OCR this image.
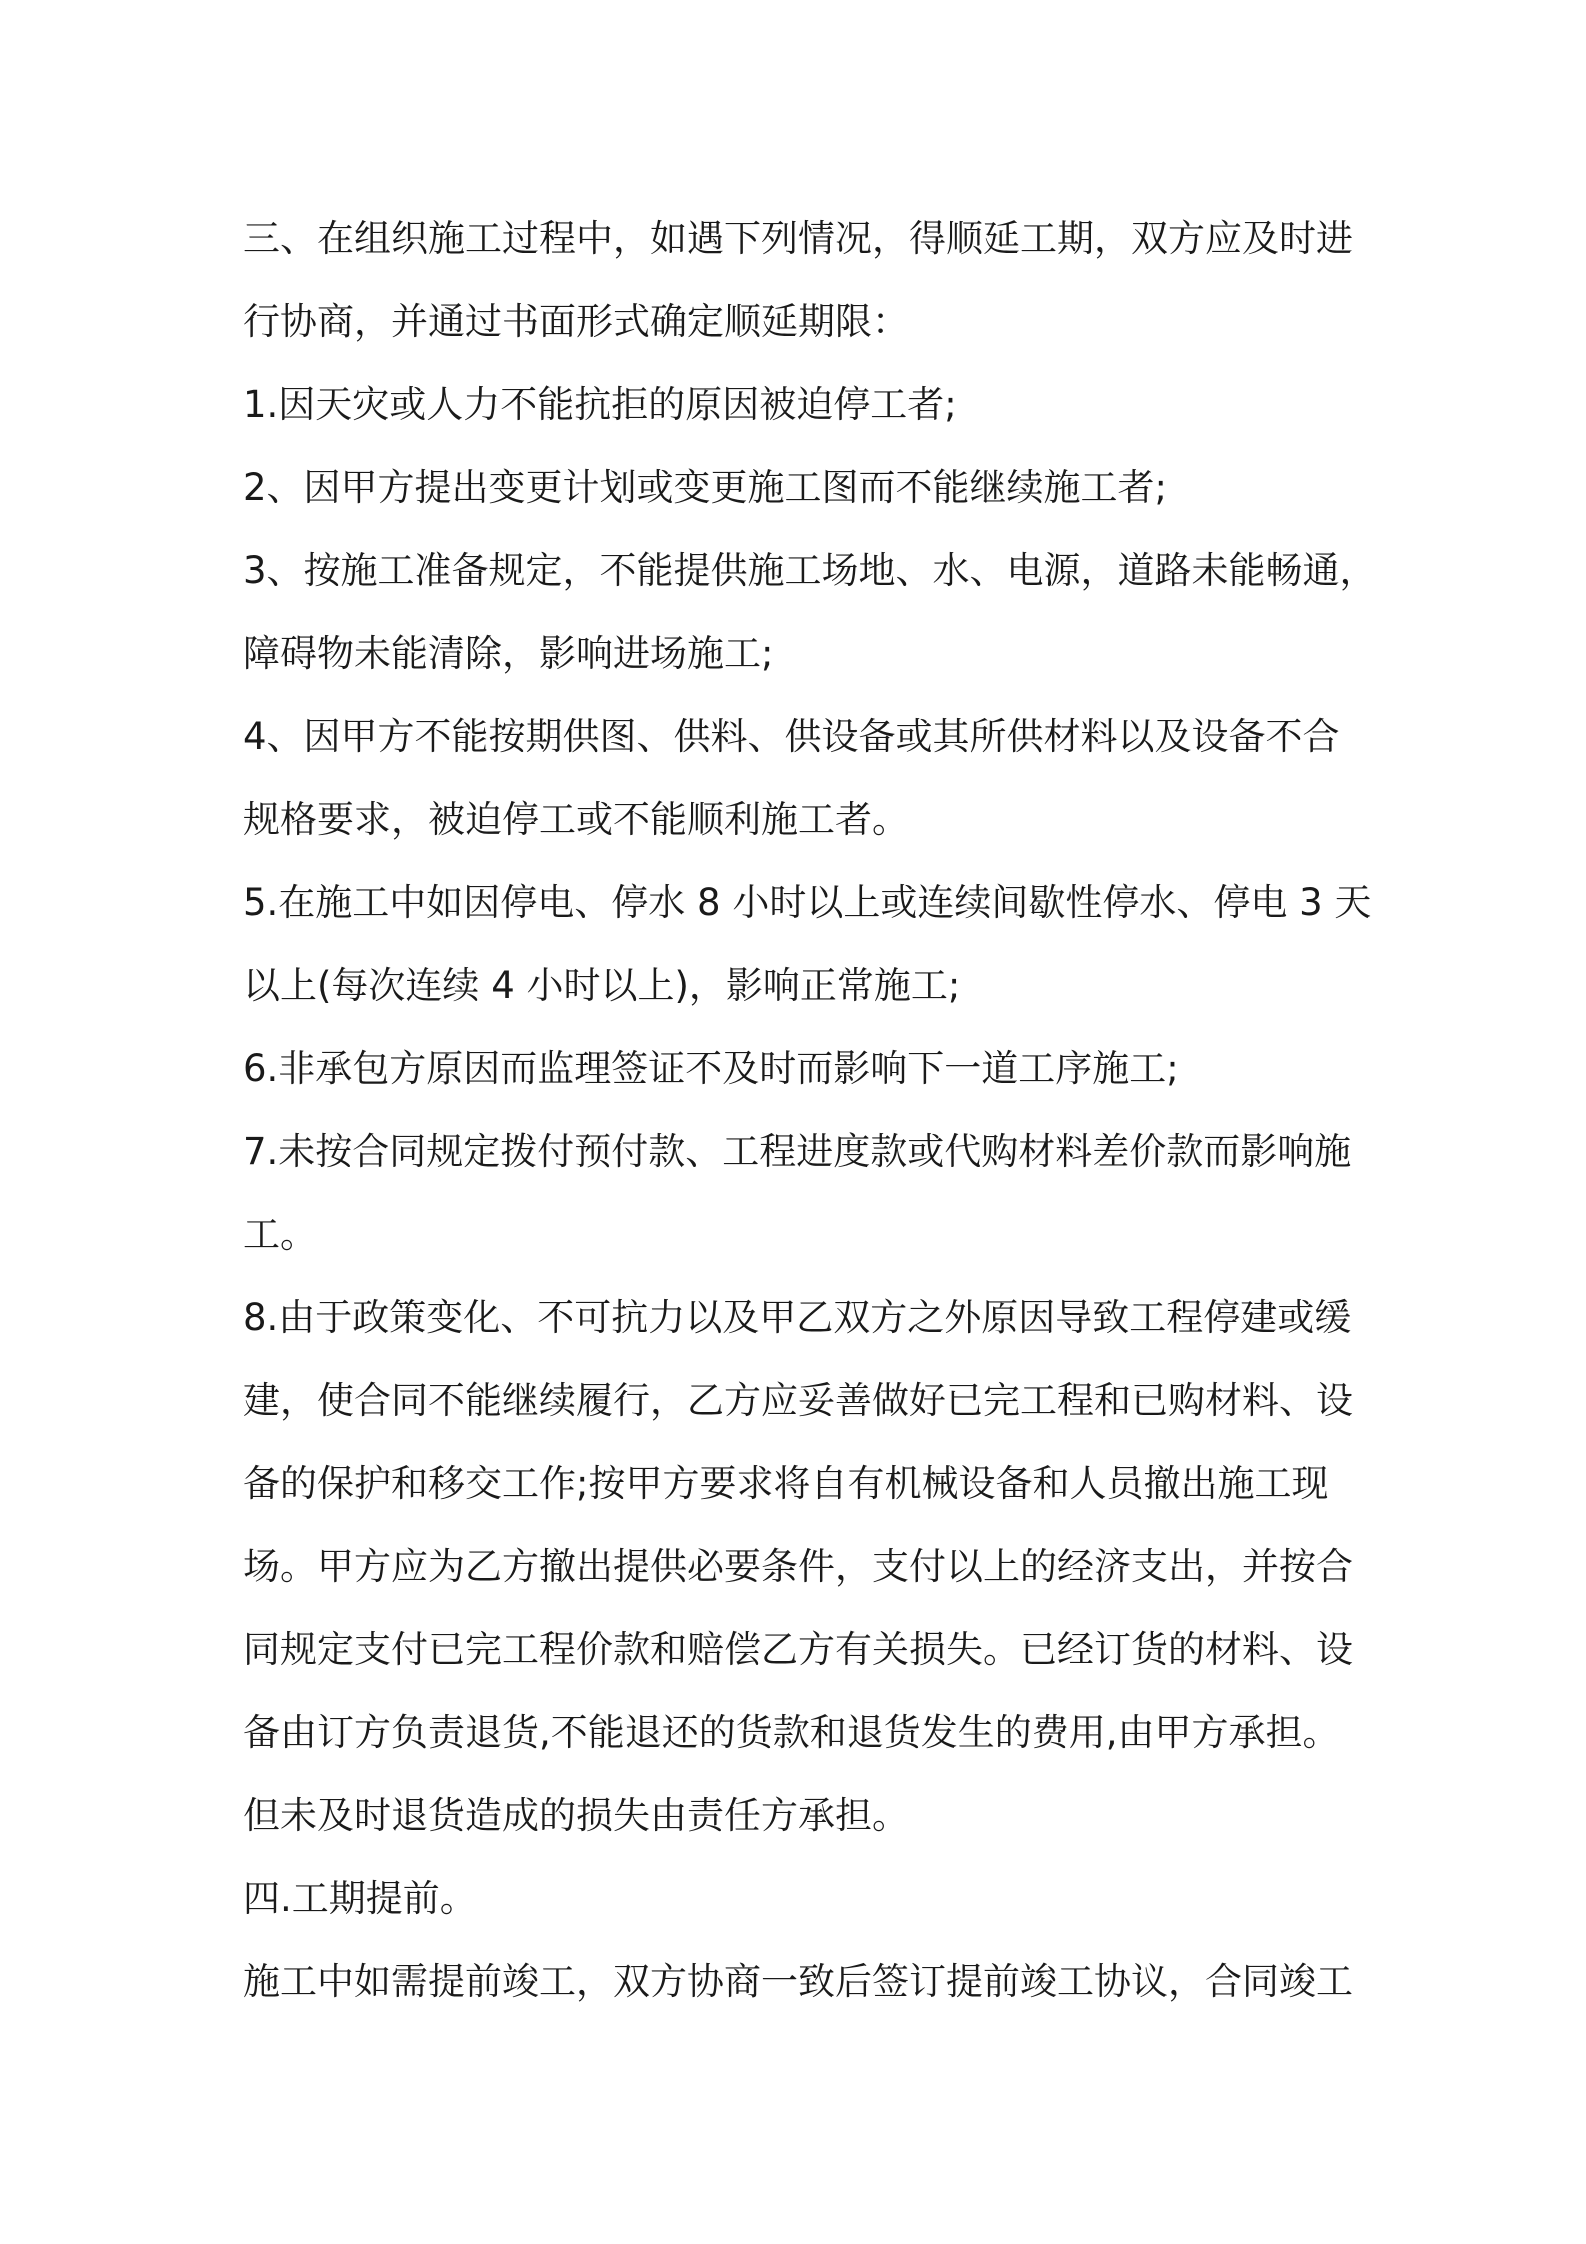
三、在组织施工过程中，如遇下列情况，得顺延工期，双方应及时进
行协商，并通过书面形式确定顺延期限：
1.因天灾或人力不能抗拒的原因被迫停工者;
2、因甲方提出变更计划或变更施工图而不能继续施工者;
3、按施工准备规定，不能提供施工场地、水、电源，道路未能畅通，
障碍物未能清除，影响进场施工;
4、因甲方不能按期供图、供料、供设备或其所供材料以及设备不合
规格要求，被迫停工或不能顺利施工者。
5.在施工中如因停电、停水 8 小时以上或连续间歇性停水、停电 3 天
以上(每次连续 4 小时以上)，影响正常施工;
6.非承包方原因而监理签证不及时而影响下一道工序施工;
7.未按合同规定拨付预付款、工程进度款或代购材料差价款而影响施
工。
8.由于政策变化、不可抗力以及甲乙双方之外原因导致工程停建或缓
建，使合同不能继续履行，乙方应妥善做好已完工程和已购材料、设
备的保护和移交工作;按甲方要求将自有机械设备和人员撤出施工现
场。甲方应为乙方撤出提供必要条件，支付以上的经济支出，并按合
同规定支付已完工程价款和赔偿乙方有关损失。已经订货的材料、设
备由订方负责退货,不能退还的货款和退货发生的费用,由甲方承担。
但未及时退货造成的损失由责任方承担。
四.工期提前。
施工中如需提前竣工，双方协商一致后签订提前竣工协议，合同竣工
